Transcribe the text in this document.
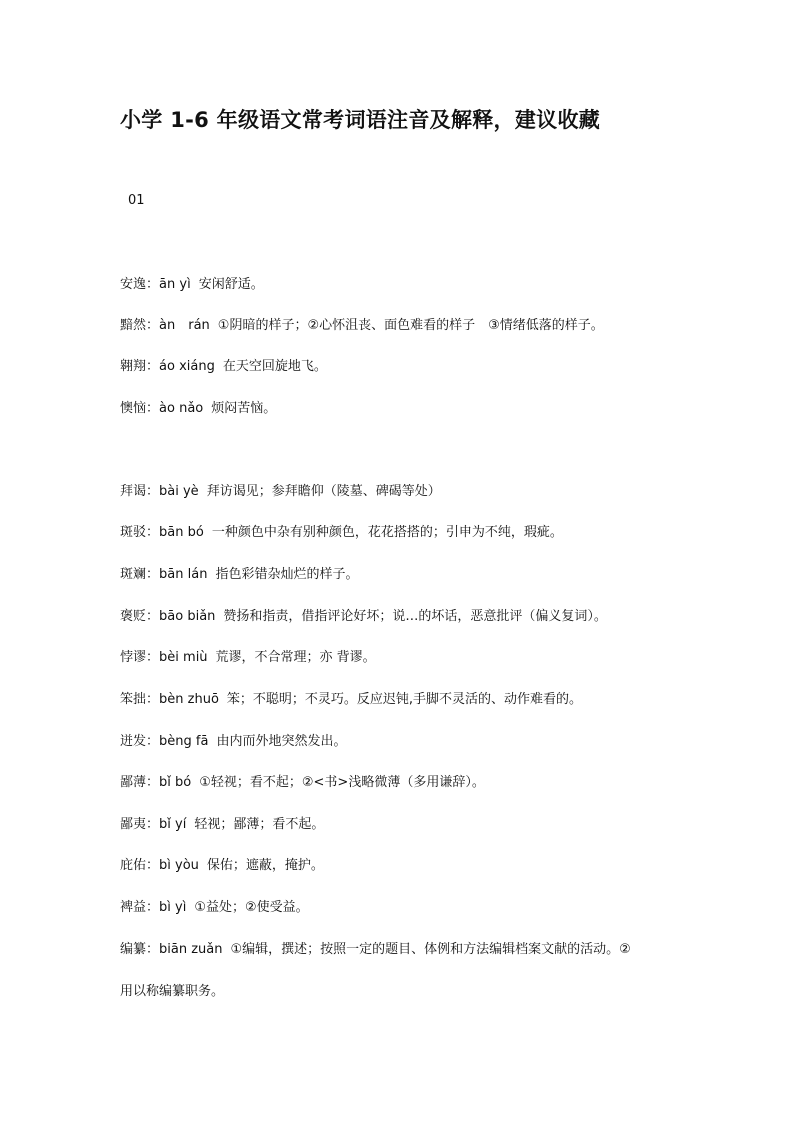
小学 1-6 年级语文常考词语注音及解释，建议收藏
01
安逸：ān yì 安闲舒适。
黯然：àn　rán ①阴暗的样子；②心怀沮丧、面色难看的样子　③情绪低落的样子。
翱翔：áo xiáng 在天空回旋地飞。
懊恼：ào nǎo 烦闷苦恼。
拜谒：bài yè 拜访谒见；参拜瞻仰（陵墓、碑碣等处）
斑驳：bān bó 一种颜色中杂有别种颜色，花花搭搭的；引申为不纯，瑕疵。
斑斓：bān lán 指色彩错杂灿烂的样子。
褒贬：bāo biǎn 赞扬和指责，借指评论好坏；说…的坏话，恶意批评（偏义复词）。
悖谬：bèi miù 荒谬，不合常理；亦 背谬。
笨拙：bèn zhuō 笨；不聪明；不灵巧。反应迟钝,手脚不灵活的、动作难看的。
迸发：bèng fā 由内而外地突然发出。
鄙薄：bǐ bó ①轻视；看不起；②<书>浅略微薄（多用谦辞）。
鄙夷：bǐ yí 轻视；鄙薄；看不起。
庇佑：bì yòu 保佑；遮蔽，掩护。
裨益：bì yì ①益处；②使受益。
编纂：biān zuǎn ①编辑，撰述；按照一定的题目、体例和方法编辑档案文献的活动。②
用以称编纂职务。
